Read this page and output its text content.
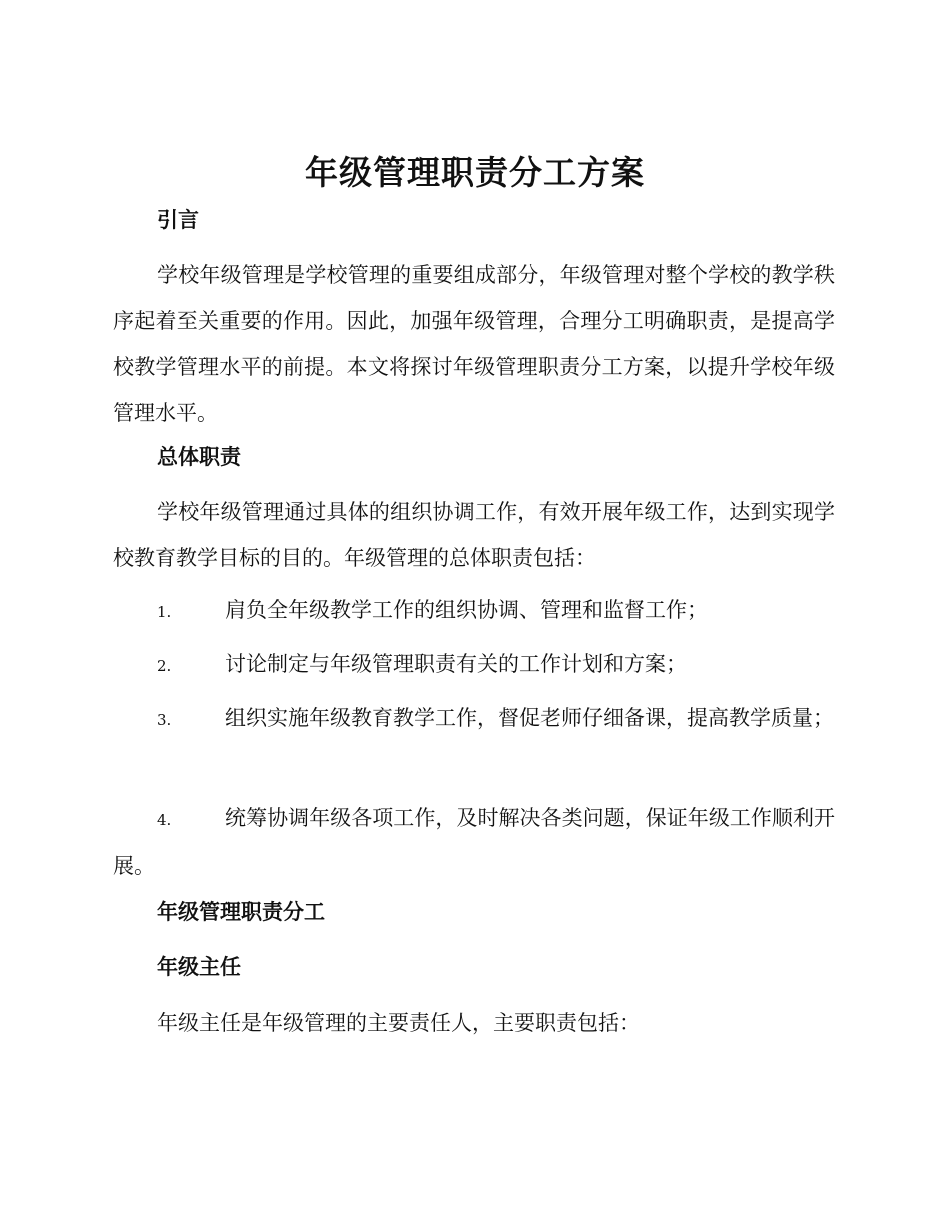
年级管理职责分工方案
引言
学校年级管理是学校管理的重要组成部分，年级管理对整个学校的教学秩序起着至关重要的作用。因此，加强年级管理，合理分工明确职责，是提高学校教学管理水平的前提。本文将探讨年级管理职责分工方案，以提升学校年级管理水平。
总体职责
学校年级管理通过具体的组织协调工作，有效开展年级工作，达到实现学校教育教学目标的目的。年级管理的总体职责包括：
1.	肩负全年级教学工作的组织协调、管理和监督工作；
2.	讨论制定与年级管理职责有关的工作计划和方案；
3.	组织实施年级教育教学工作，督促老师仔细备课，提高教学质量；
4.	统筹协调年级各项工作，及时解决各类问题，保证年级工作顺利开展。
年级管理职责分工
年级主任
年级主任是年级管理的主要责任人，主要职责包括：
